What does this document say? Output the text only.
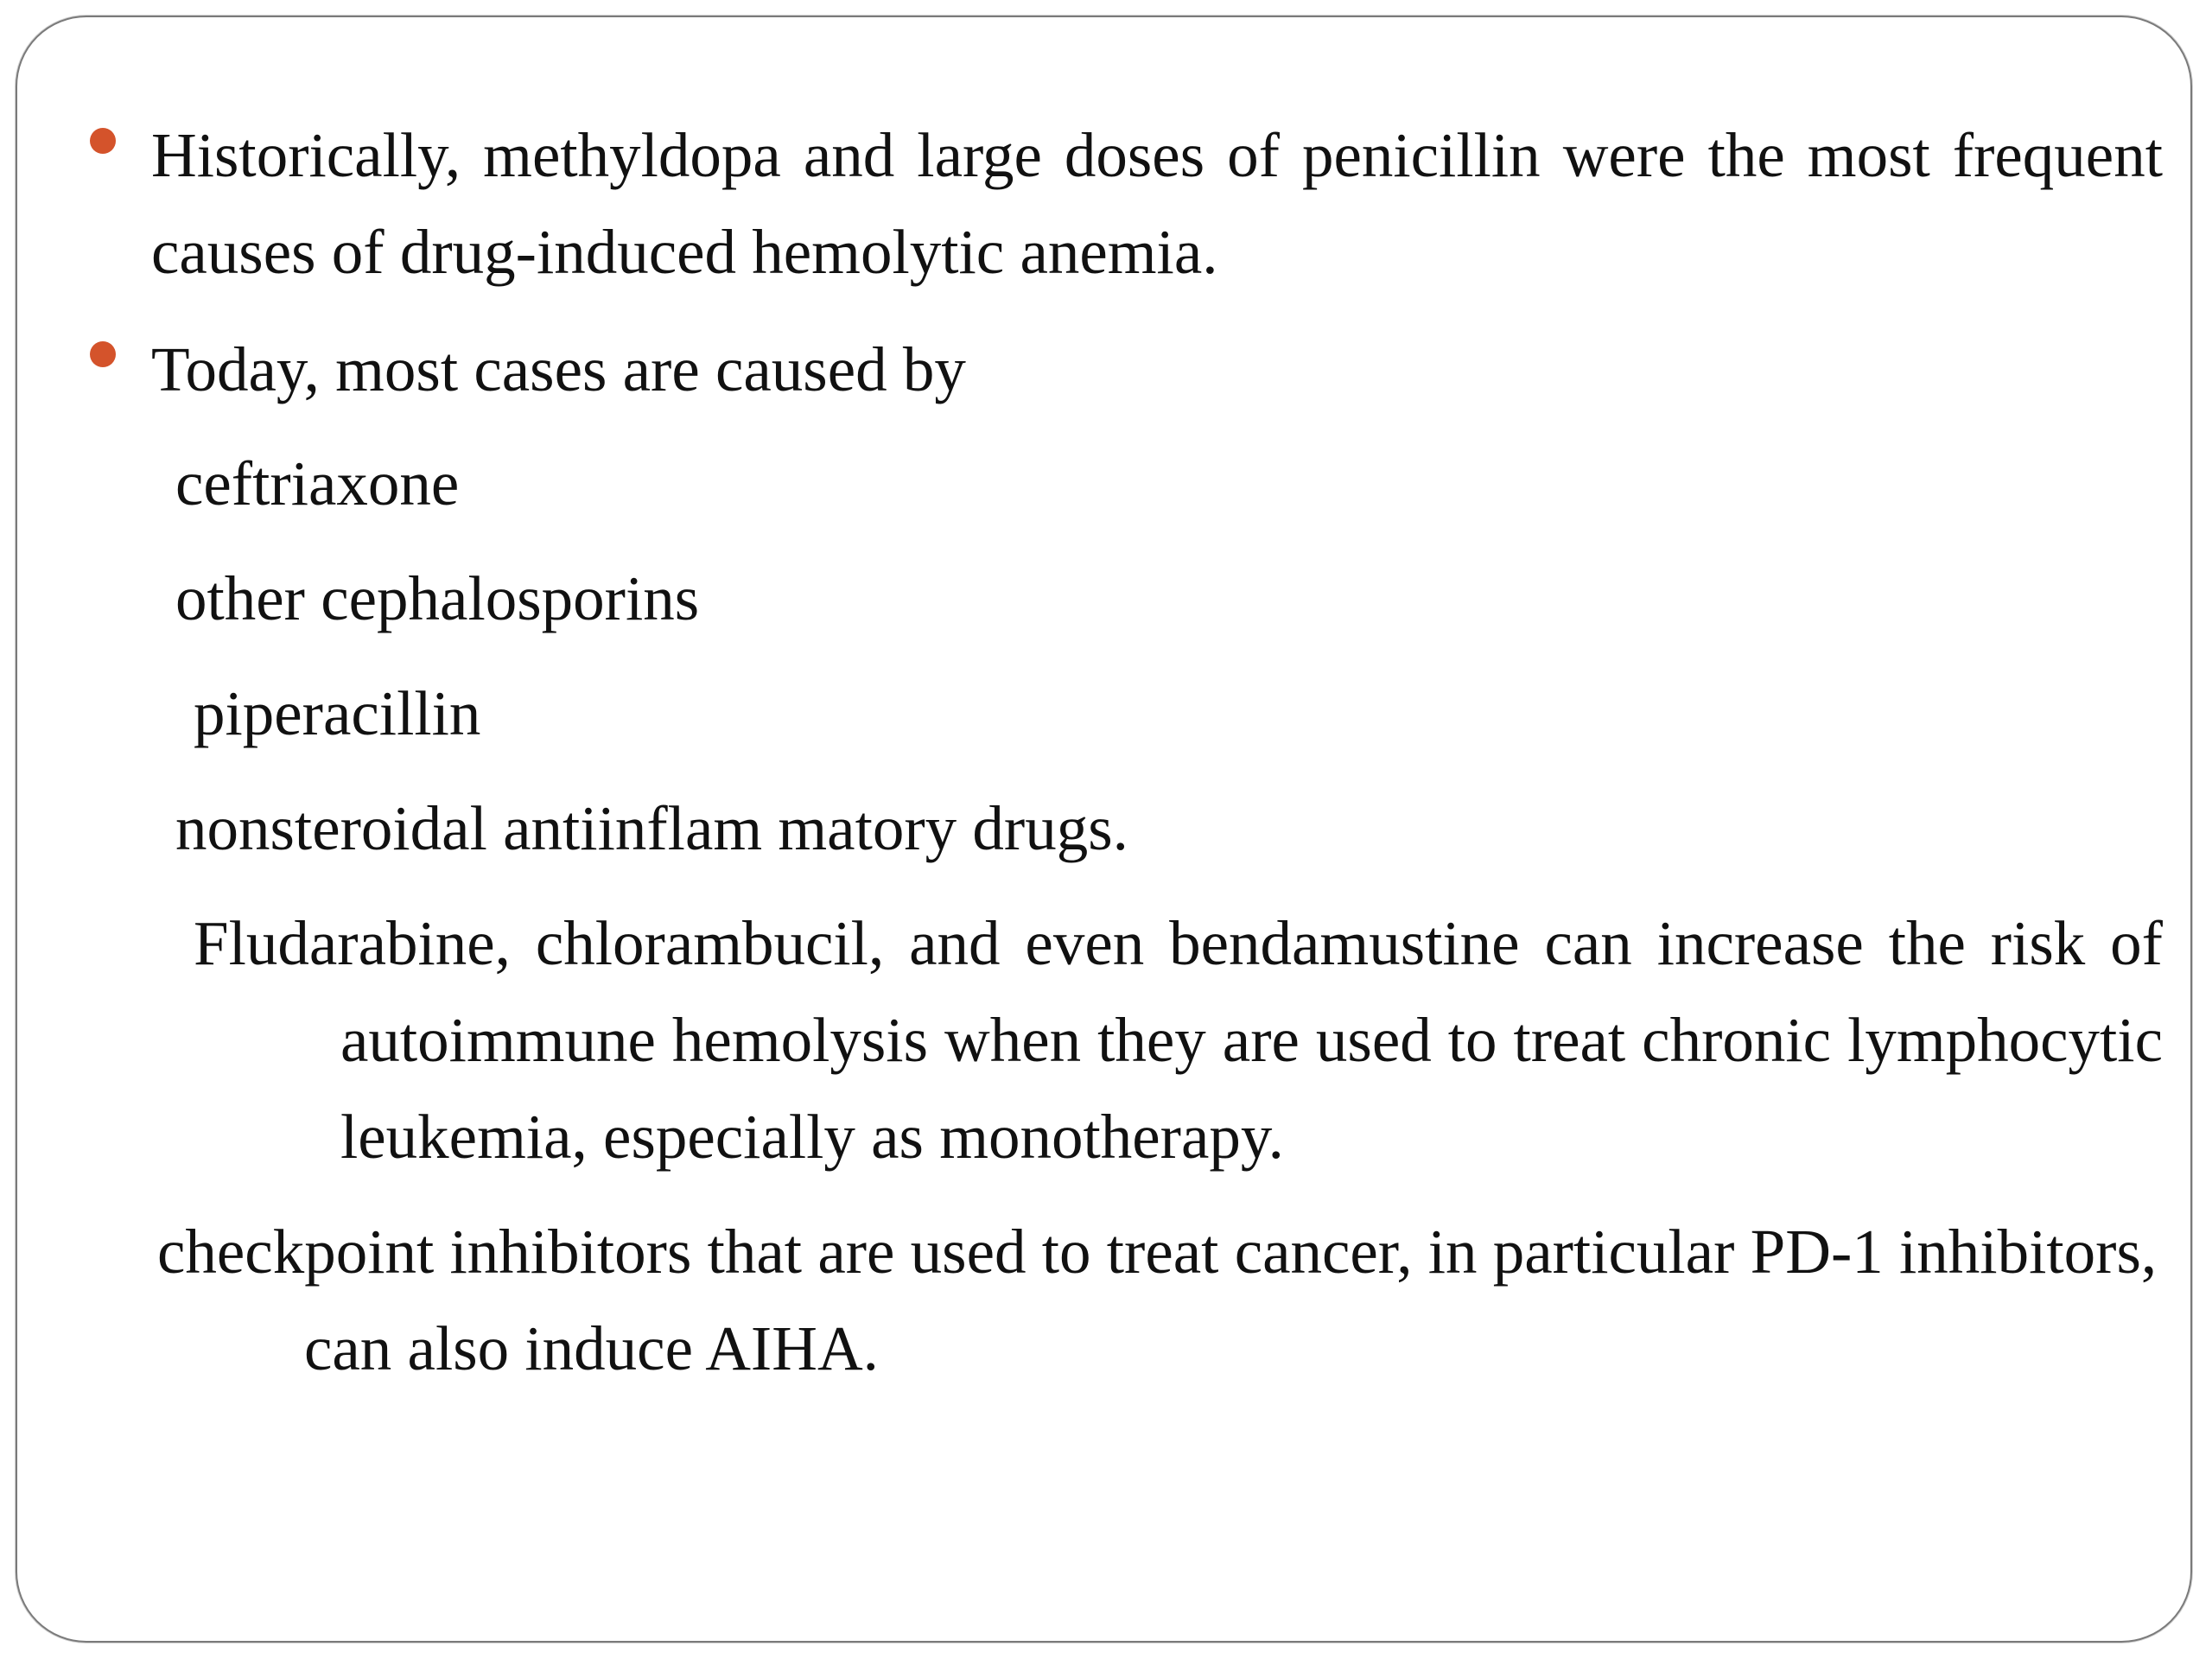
Historically, methyldopa and large doses of penicillin were the most frequent causes of drug-induced hemolytic anemia.

Today, most cases are caused by

ceftriaxone

other cephalosporins

piperacillin

nonsteroidal antiinflam matory drugs.

Fludarabine, chlorambucil, and even bendamustine can increase the risk of autoimmune hemolysis when they are used to treat chronic lymphocytic leukemia, especially as monotherapy.

checkpoint inhibitors that are used to treat cancer, in particular PD-1 inhibitors, can also induce AIHA.
